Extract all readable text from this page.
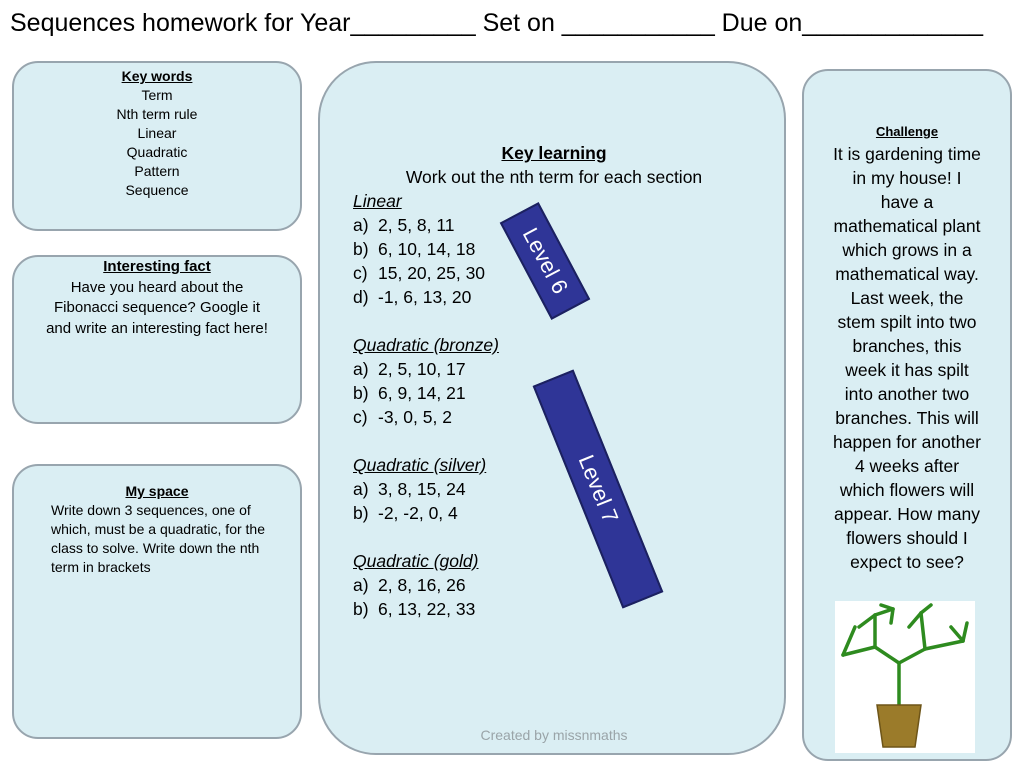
Sequences homework for Year_________ Set on ___________ Due on_____________
Key words
Term
Nth term rule
Linear
Quadratic
Pattern
Sequence
Interesting fact
Have you heard about the
Fibonacci sequence? Google it
and write an interesting fact here!
My space
Write down 3 sequences, one of
which, must be a quadratic, for the
class to solve. Write down the nth
term in brackets
Key learning
Work out the nth term for each section
Linear
a) 2, 5, 8, 11
b) 6, 10, 14, 18
c) 15, 20, 25, 30
d) -1, 6, 13, 20
Quadratic (bronze)
a) 2, 5, 10, 17
b) 6, 9, 14, 21
c) -3, 0, 5, 2
Quadratic (silver)
a) 3, 8, 15, 24
b) -2, -2, 0, 4
Quadratic (gold)
a) 2, 8, 16, 26
b) 6, 13, 22, 33
Created by missnmaths
Level 6
Level 7
Challenge
It is gardening time
in my house! I
have a
mathematical plant
which grows in a
mathematical way.
Last week, the
stem spilt into two
branches, this
week it has spilt
into another two
branches. This will
happen for another
4 weeks after
which flowers will
appear. How many
flowers should I
expect to see?
